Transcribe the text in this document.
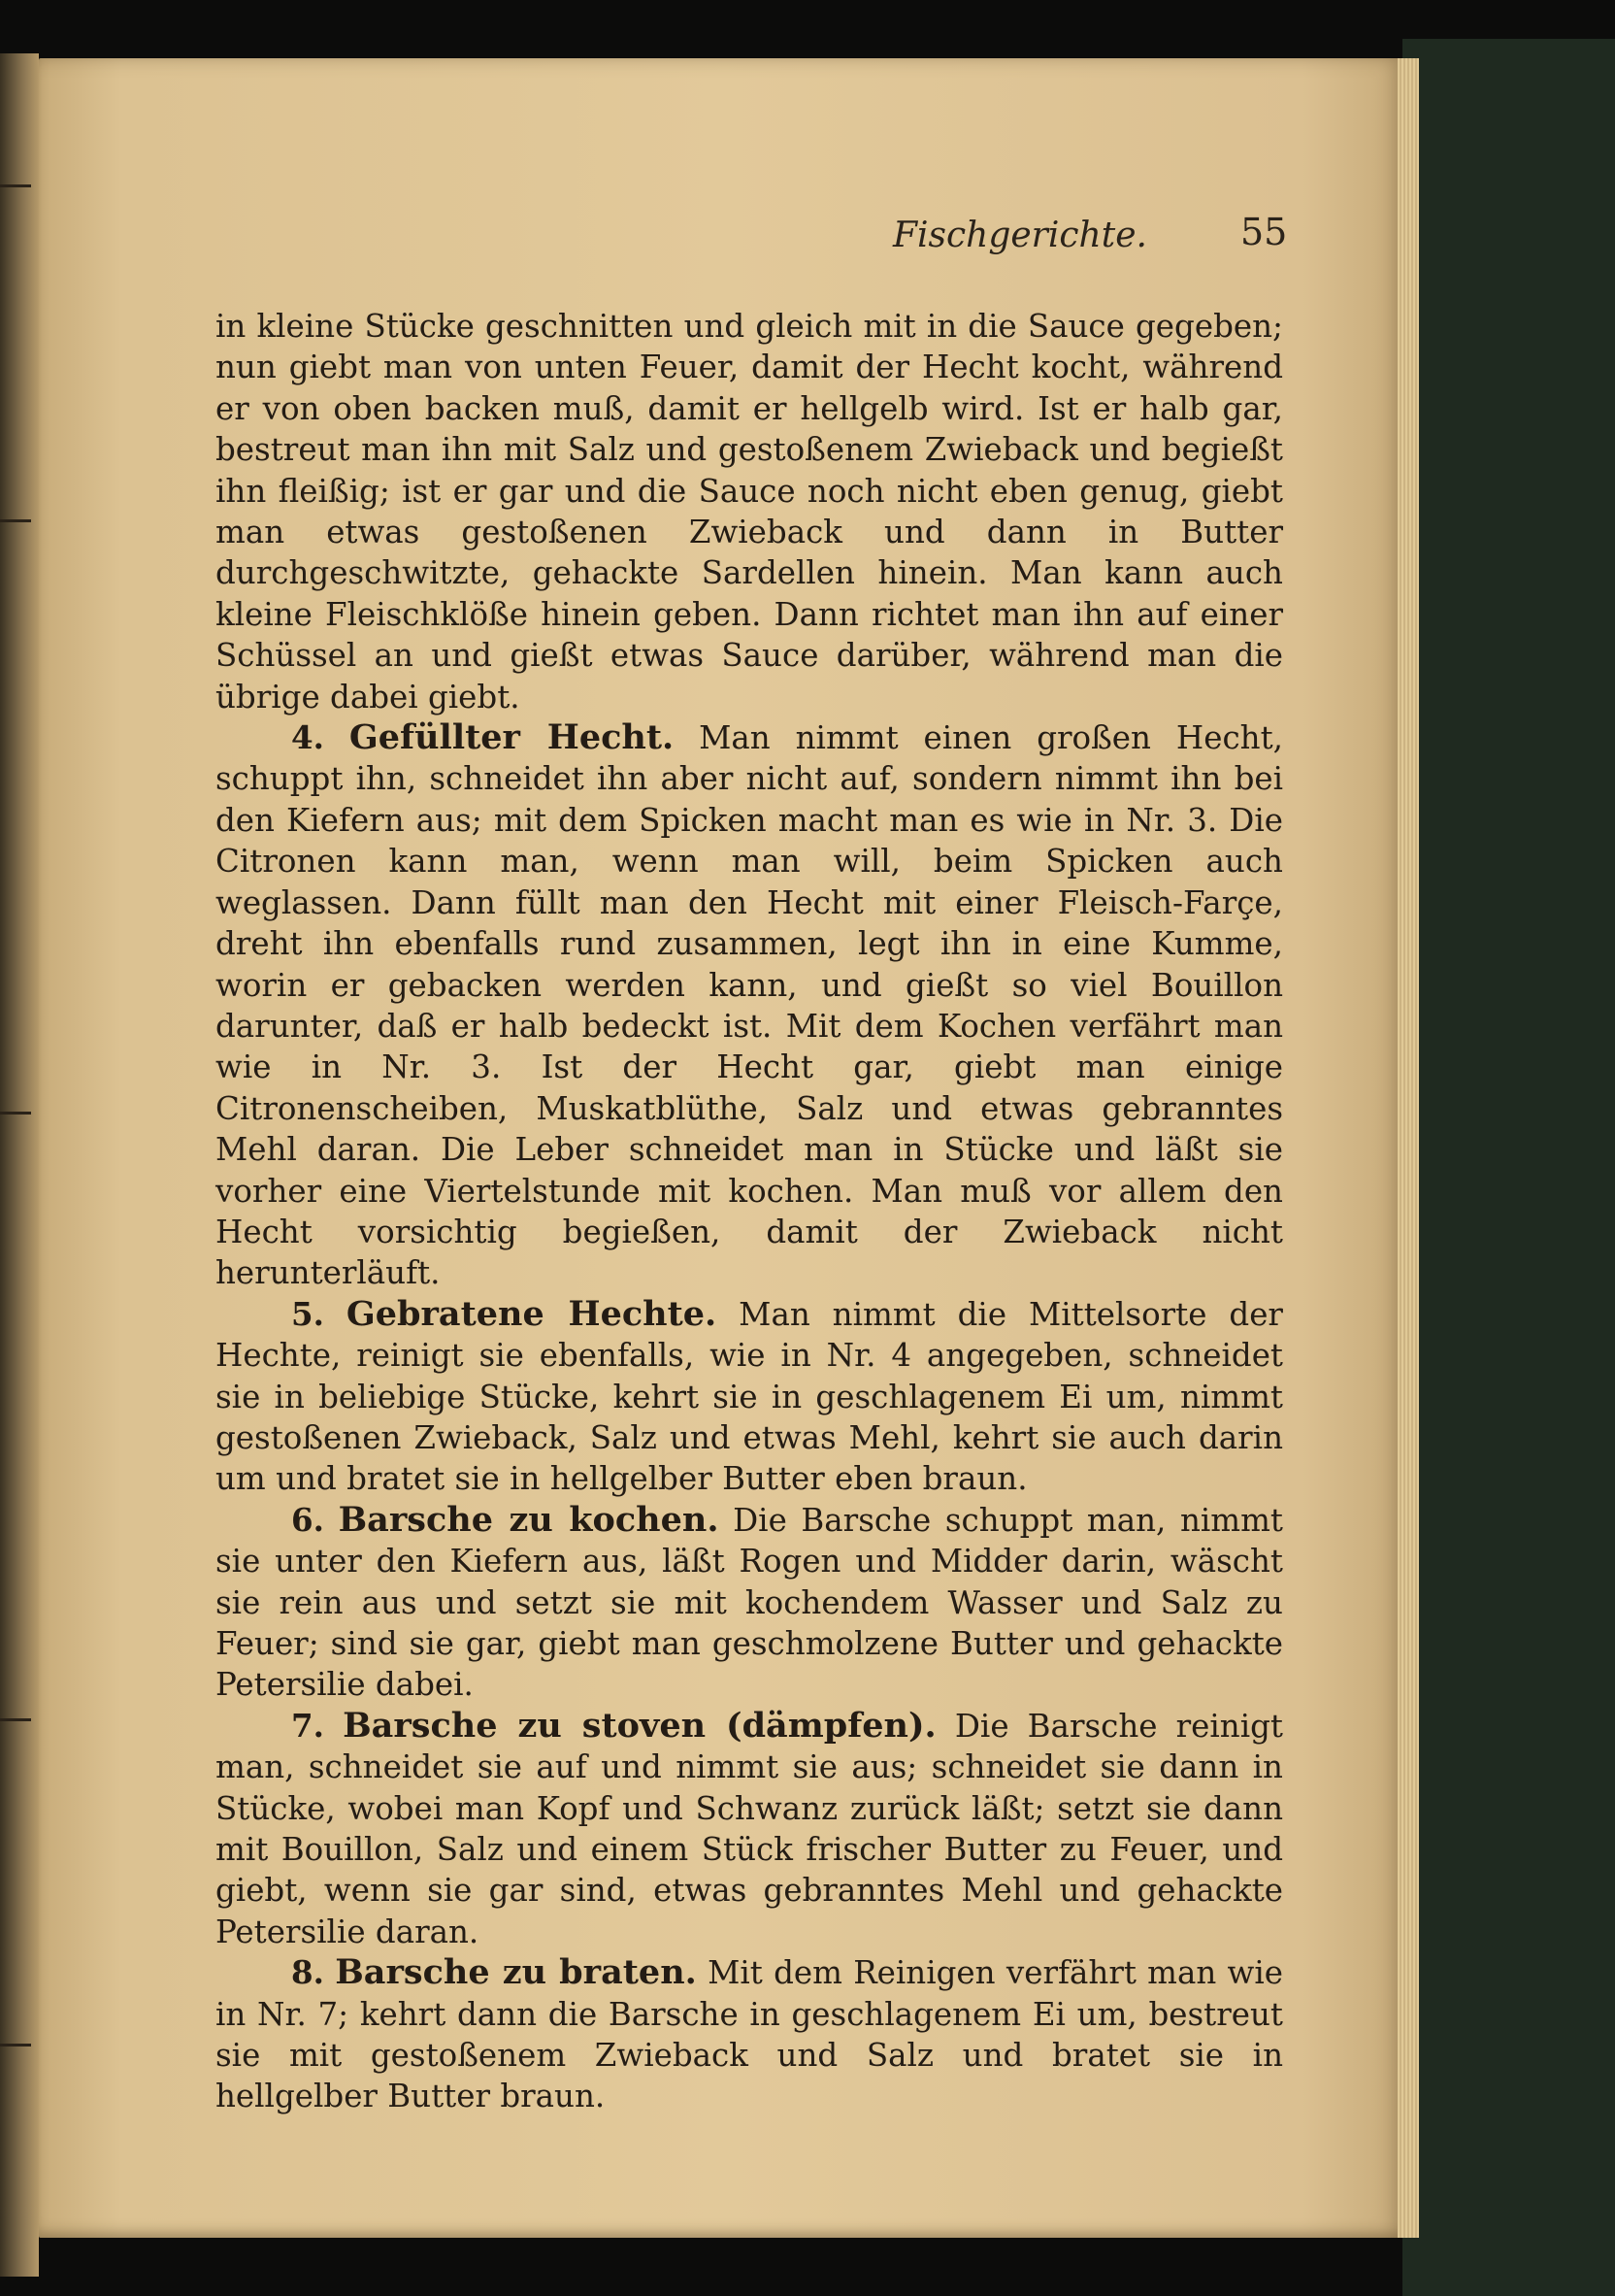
Fischgerichte.	55

in kleine Stücke geschnitten und gleich mit in die Sauce gegeben; nun giebt man von unten Feuer, damit der Hecht kocht, während er von oben backen muß, damit er hellgelb wird. Ist er halb gar, bestreut man ihn mit Salz und gestoßenem Zwieback und begießt ihn fleißig; ist er gar und die Sauce noch nicht eben genug, giebt man etwas gestoßenen Zwieback und dann in Butter durchgeschwitzte, gehackte Sardellen hinein. Man kann auch kleine Fleischklöße hinein geben. Dann richtet man ihn auf einer Schüssel an und gießt etwas Sauce darüber, während man die übrige dabei giebt.

4. Gefüllter Hecht. Man nimmt einen großen Hecht, schuppt ihn, schneidet ihn aber nicht auf, sondern nimmt ihn bei den Kiefern aus; mit dem Spicken macht man es wie in Nr. 3. Die Citronen kann man, wenn man will, beim Spicken auch weglassen. Dann füllt man den Hecht mit einer Fleisch-Farçe, dreht ihn ebenfalls rund zusammen, legt ihn in eine Kumme, worin er gebacken werden kann, und gießt so viel Bouillon darunter, daß er halb bedeckt ist. Mit dem Kochen verfährt man wie in Nr. 3. Ist der Hecht gar, giebt man einige Citronenscheiben, Muskatblüthe, Salz und etwas gebranntes Mehl daran. Die Leber schneidet man in Stücke und läßt sie vorher eine Viertelstunde mit kochen. Man muß vor allem den Hecht vorsichtig begießen, damit der Zwieback nicht herunterläuft.

5. Gebratene Hechte. Man nimmt die Mittelsorte der Hechte, reinigt sie ebenfalls, wie in Nr. 4 angegeben, schneidet sie in beliebige Stücke, kehrt sie in geschlagenem Ei um, nimmt gestoßenen Zwieback, Salz und etwas Mehl, kehrt sie auch darin um und bratet sie in hellgelber Butter eben braun.

6. Barsche zu kochen. Die Barsche schuppt man, nimmt sie unter den Kiefern aus, läßt Rogen und Midder darin, wäscht sie rein aus und setzt sie mit kochendem Wasser und Salz zu Feuer; sind sie gar, giebt man geschmolzene Butter und gehackte Petersilie dabei.

7. Barsche zu stoven (dämpfen). Die Barsche reinigt man, schneidet sie auf und nimmt sie aus; schneidet sie dann in Stücke, wobei man Kopf und Schwanz zurück läßt; setzt sie dann mit Bouillon, Salz und einem Stück frischer Butter zu Feuer, und giebt, wenn sie gar sind, etwas gebranntes Mehl und gehackte Petersilie daran.

8. Barsche zu braten. Mit dem Reinigen verfährt man wie in Nr. 7; kehrt dann die Barsche in geschlagenem Ei um, bestreut sie mit gestoßenem Zwieback und Salz und bratet sie in hellgelber Butter braun.
